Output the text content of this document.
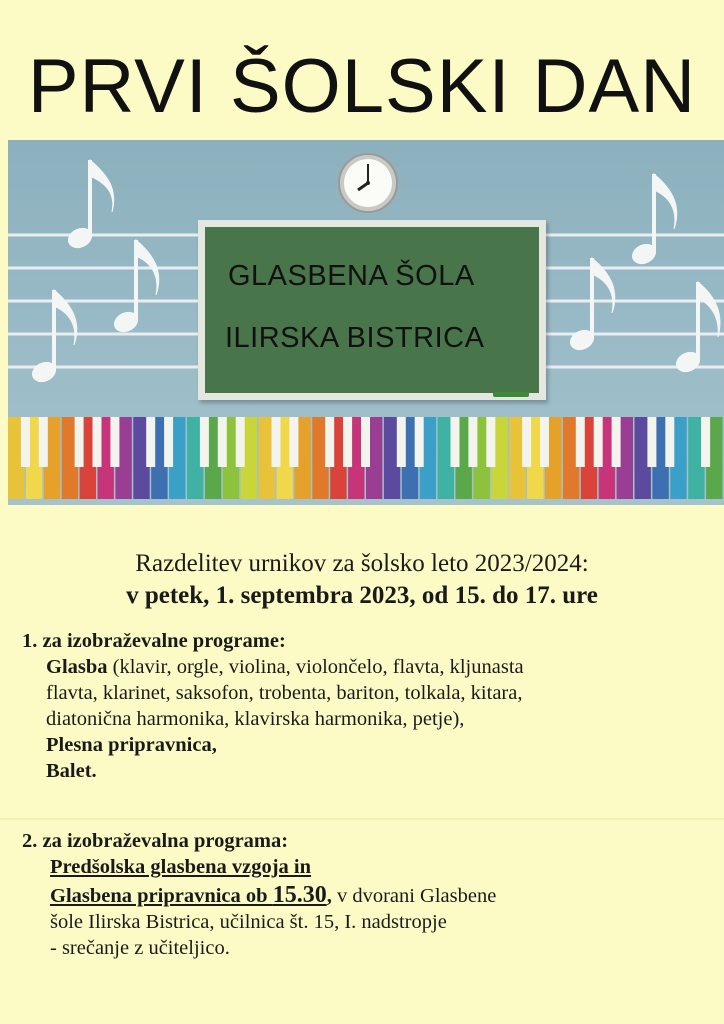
PRVI ŠOLSKI DAN
GLASBENA ŠOLA
ILIRSKA BISTRICA
Razdelitev urnikov za šolsko leto 2023/2024:
v petek, 1. septembra 2023, od 15. do 17. ure
1. za izobraževalne programe:
Glasba (klavir, orgle, violina, violončelo, flavta, kljunasta
flavta, klarinet, saksofon, trobenta, bariton, tolkala, kitara,
diatonična harmonika, klavirska harmonika, petje),
Plesna pripravnica,
Balet.
2. za izobraževalna programa:
Predšolska glasbena vzgoja in
Glasbena pripravnica ob 15.30, v dvorani Glasbene
šole Ilirska Bistrica, učilnica št. 15, I. nadstropje
- srečanje z učiteljico.
